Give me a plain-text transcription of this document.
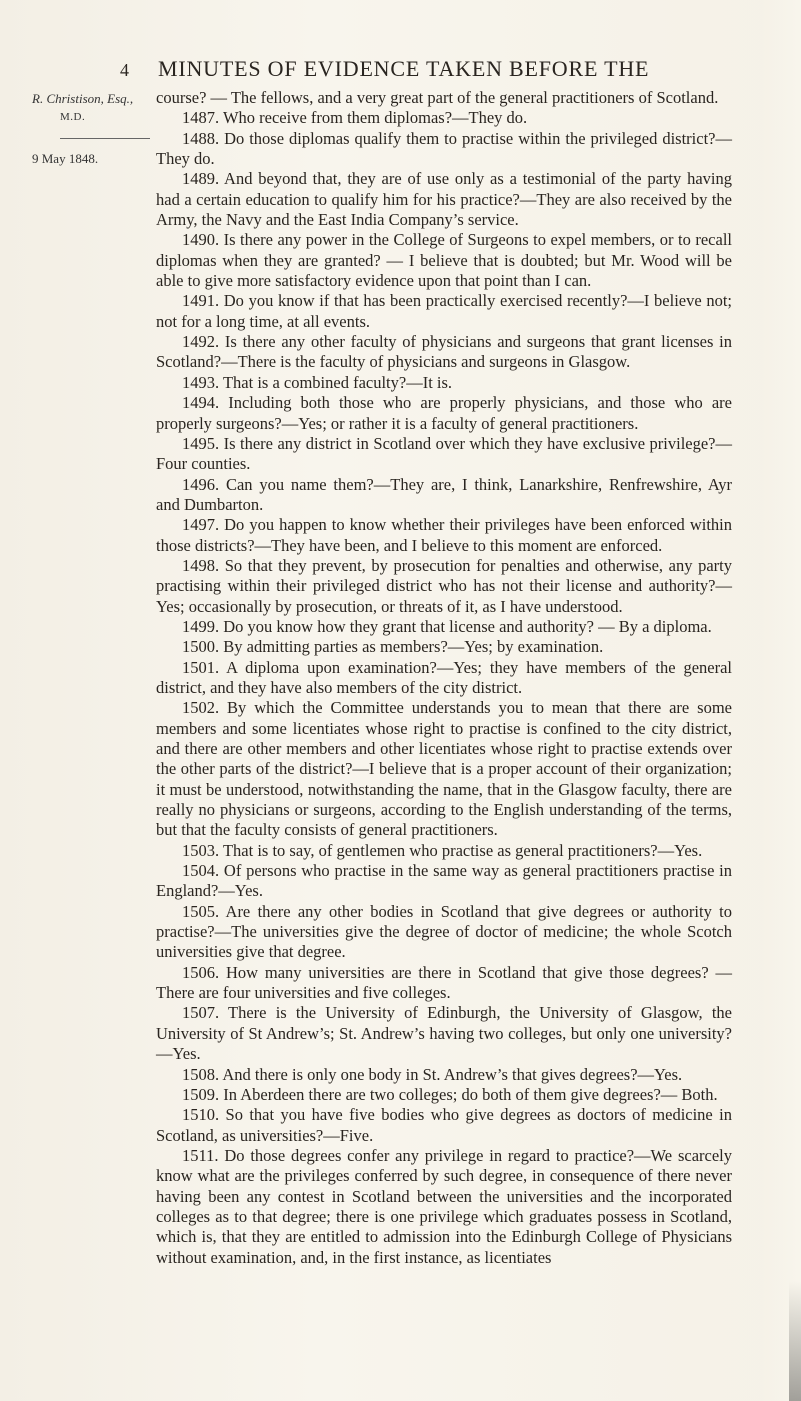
4 MINUTES OF EVIDENCE TAKEN BEFORE THE
R. Christison, Esq.,
M.D.
9 May 1848.

course? — The fellows, and a very great part of the general practitioners of Scotland.

1487. Who receive from them diplomas?—They do.

1488. Do those diplomas qualify them to practise within the privileged district?—They do.

1489. And beyond that, they are of use only as a testimonial of the party having had a certain education to qualify him for his practice?—They are also received by the Army, the Navy and the East India Company’s service.

1490. Is there any power in the College of Surgeons to expel members, or to recall diplomas when they are granted? — I believe that is doubted; but Mr. Wood will be able to give more satisfactory evidence upon that point than I can.

1491. Do you know if that has been practically exercised recently?—I believe not; not for a long time, at all events.

1492. Is there any other faculty of physicians and surgeons that grant licenses in Scotland?—There is the faculty of physicians and surgeons in Glasgow.

1493. That is a combined faculty?—It is.

1494. Including both those who are properly physicians, and those who are properly surgeons?—Yes; or rather it is a faculty of general practitioners.

1495. Is there any district in Scotland over which they have exclusive privilege?—Four counties.

1496. Can you name them?—They are, I think, Lanarkshire, Renfrewshire, Ayr and Dumbarton.

1497. Do you happen to know whether their privileges have been enforced within those districts?—They have been, and I believe to this moment are enforced.

1498. So that they prevent, by prosecution for penalties and otherwise, any party practising within their privileged district who has not their license and authority?—Yes; occasionally by prosecution, or threats of it, as I have understood.

1499. Do you know how they grant that license and authority? — By a diploma.

1500. By admitting parties as members?—Yes; by examination.

1501. A diploma upon examination?—Yes; they have members of the general district, and they have also members of the city district.

1502. By which the Committee understands you to mean that there are some members and some licentiates whose right to practise is confined to the city district, and there are other members and other licentiates whose right to practise extends over the other parts of the district?—I believe that is a proper account of their organization; it must be understood, notwithstanding the name, that in the Glasgow faculty, there are really no physicians or surgeons, according to the English understanding of the terms, but that the faculty consists of general practitioners.

1503. That is to say, of gentlemen who practise as general practitioners?—Yes.

1504. Of persons who practise in the same way as general practitioners practise in England?—Yes.

1505. Are there any other bodies in Scotland that give degrees or authority to practise?—The universities give the degree of doctor of medicine; the whole Scotch universities give that degree.

1506. How many universities are there in Scotland that give those degrees? —There are four universities and five colleges.

1507. There is the University of Edinburgh, the University of Glasgow, the University of St Andrew’s; St. Andrew’s having two colleges, but only one university?—Yes.

1508. And there is only one body in St. Andrew’s that gives degrees?—Yes.

1509. In Aberdeen there are two colleges; do both of them give degrees?— Both.

1510. So that you have five bodies who give degrees as doctors of medicine in Scotland, as universities?—Five.

1511. Do those degrees confer any privilege in regard to practice?—We scarcely know what are the privileges conferred by such degree, in consequence of there never having been any contest in Scotland between the universities and the incorporated colleges as to that degree; there is one privilege which graduates possess in Scotland, which is, that they are entitled to admission into the Edinburgh College of Physicians without examination, and, in the first instance, as licentiates
